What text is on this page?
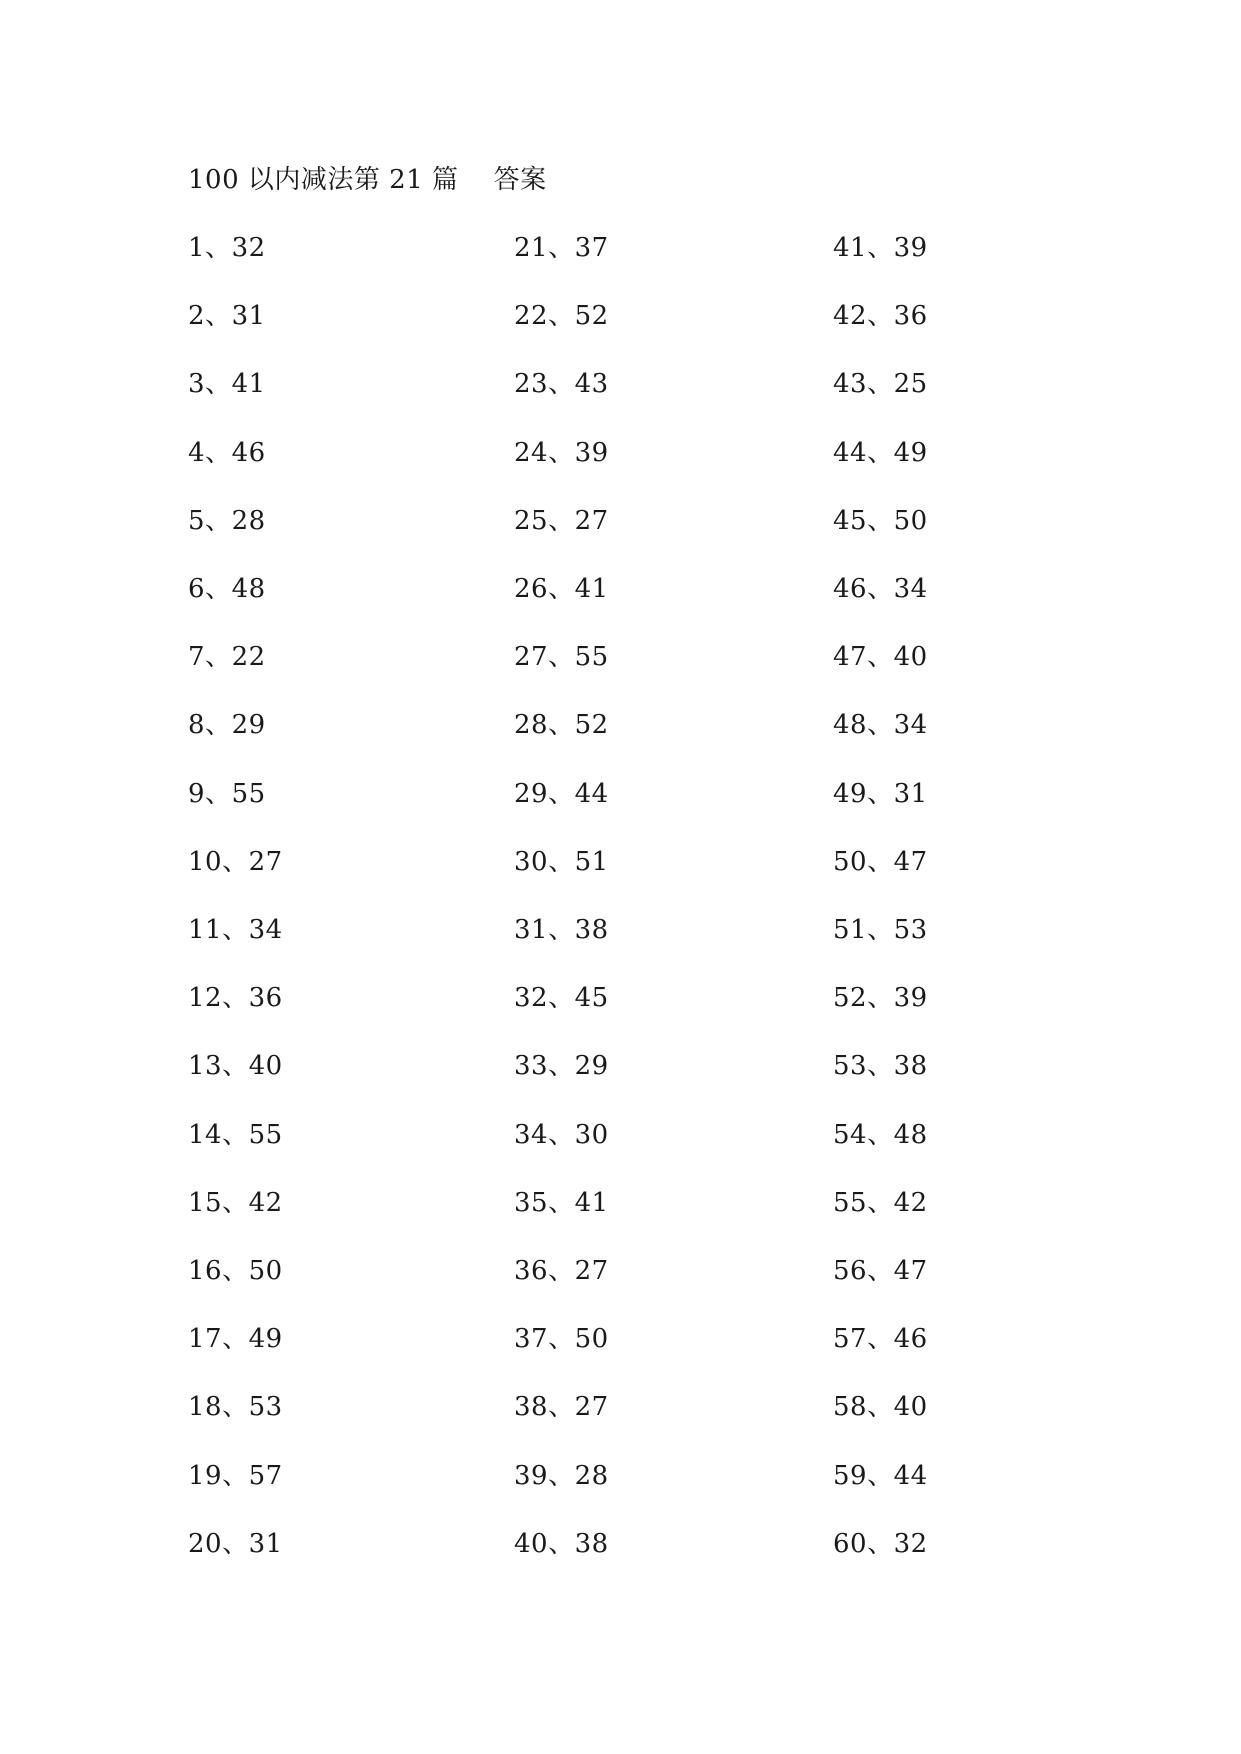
100 以内减法第 21 篇    答案
1、32
2、31
3、41
4、46
5、28
6、48
7、22
8、29
9、55
10、27
11、34
12、36
13、40
14、55
15、42
16、50
17、49
18、53
19、57
20、31
21、37
22、52
23、43
24、39
25、27
26、41
27、55
28、52
29、44
30、51
31、38
32、45
33、29
34、30
35、41
36、27
37、50
38、27
39、28
40、38
41、39
42、36
43、25
44、49
45、50
46、34
47、40
48、34
49、31
50、47
51、53
52、39
53、38
54、48
55、42
56、47
57、46
58、40
59、44
60、32
